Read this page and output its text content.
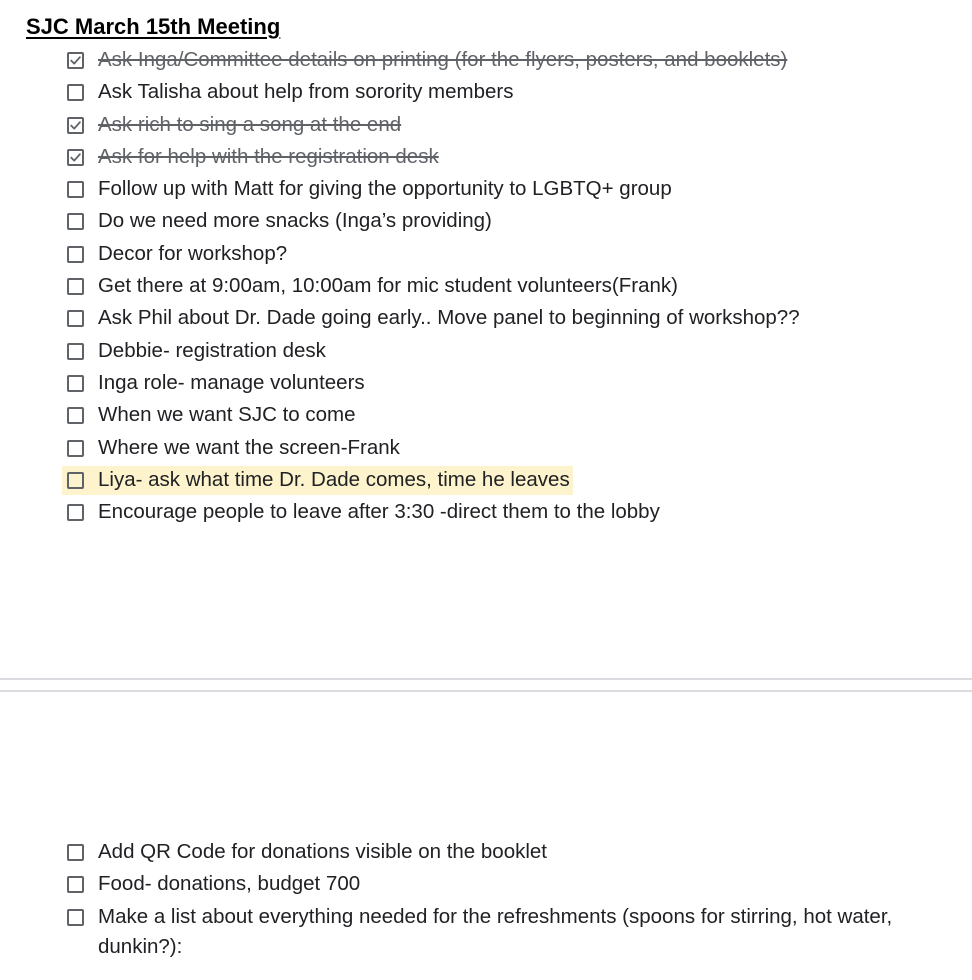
SJC March 15th Meeting
Ask Inga/Committee details on printing (for the flyers, posters, and booklets)
Ask Talisha about help from sorority members
Ask rich to sing a song at the end
Ask for help with the registration desk
Follow up with Matt for giving the opportunity to LGBTQ+ group
Do we need more snacks (Inga’s providing)
Decor for workshop?
Get there at 9:00am, 10:00am for mic student volunteers(Frank)
Ask Phil about Dr. Dade going early.. Move panel to beginning of workshop??
Debbie- registration desk
Inga role- manage volunteers
When we want SJC to come
Where we want the screen-Frank
Liya- ask what time Dr. Dade comes, time he leaves
Encourage people to leave after 3:30 -direct them to the lobby
Add QR Code for donations visible on the booklet
Food- donations, budget 700
Make a list about everything needed for the refreshments (spoons for stirring, hot water, dunkin?):
